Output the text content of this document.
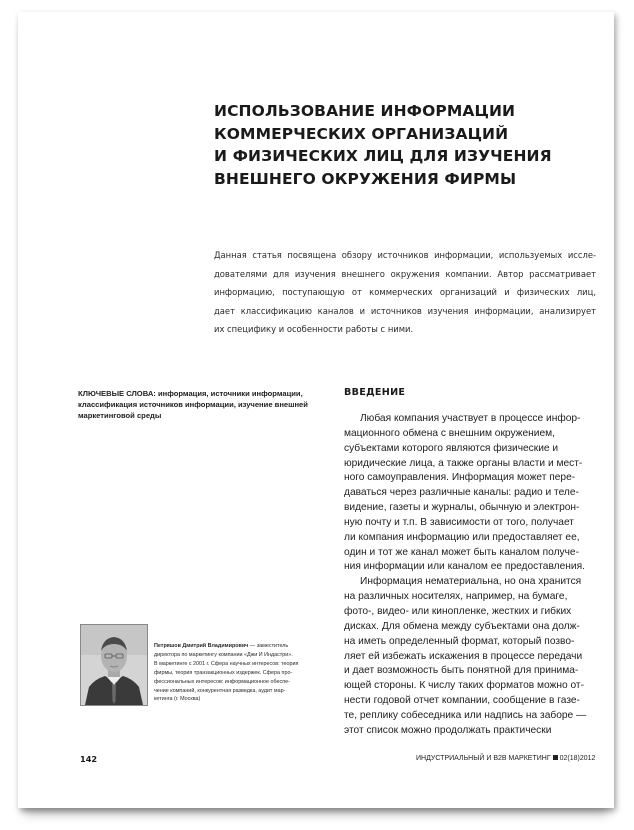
ИСПОЛЬЗОВАНИЕ ИНФОРМАЦИИ
КОММЕРЧЕСКИХ ОРГАНИЗАЦИЙ
И ФИЗИЧЕСКИХ ЛИЦ ДЛЯ ИЗУЧЕНИЯ
ВНЕШНЕГО ОКРУЖЕНИЯ ФИРМЫ
Данная статья посвящена обзору источников информации, используемых иссле-
дователями для изучения внешнего окружения компании. Автор рассматривает
информацию, поступающую от коммерческих организаций и физических лиц,
дает классификацию каналов и источников изучения информации, анализирует
их специфику и особенности работы с ними.
КЛЮЧЕВЫЕ СЛОВА: информация, источники информации,
классификация источников информации, изучение внешней
маркетинговой среды
ВВЕДЕНИЕ
Любая компания участвует в процессе инфор-
мационного обмена с внешним окружением,
субъектами которого являются физические и
юридические лица, а также органы власти и мест-
ного самоуправления. Информация может пере-
даваться через различные каналы: радио и теле-
видение, газеты и журналы, обычную и электрон-
ную почту и т.п. В зависимости от того, получает
ли компания информацию или предоставляет ее,
один и тот же канал может быть каналом получе-
ния информации или каналом ее предоставления.
Информация нематериальна, но она хранится
на различных носителях, например, на бумаге,
фото-, видео- или кинопленке, жестких и гибких
дисках. Для обмена между субъектами она долж-
на иметь определенный формат, который позво-
ляет ей избежать искажения в процессе передачи
и дает возможность быть понятной для принима-
ющей стороны. К числу таких форматов можно от-
нести годовой отчет компании, сообщение в газе-
те, реплику собеседника или надпись на заборе —
этот список можно продолжать практически
Петряшов Дмитрий Владимирович — заместитель
директора по маркетингу компании «Джи И Индастри».
В маркетинге с 2001 г. Сфера научных интересов: теория
фирмы, теория транзакционных издержек. Сфера про-
фессиональных интересов: информационное обеспе-
чение компаний, конкурентная разведка, аудит мар-
кетинга (г. Москва)
142	ИНДУСТРИАЛЬНЫЙ И B2B МАРКЕТИНГ 02(18)2012
